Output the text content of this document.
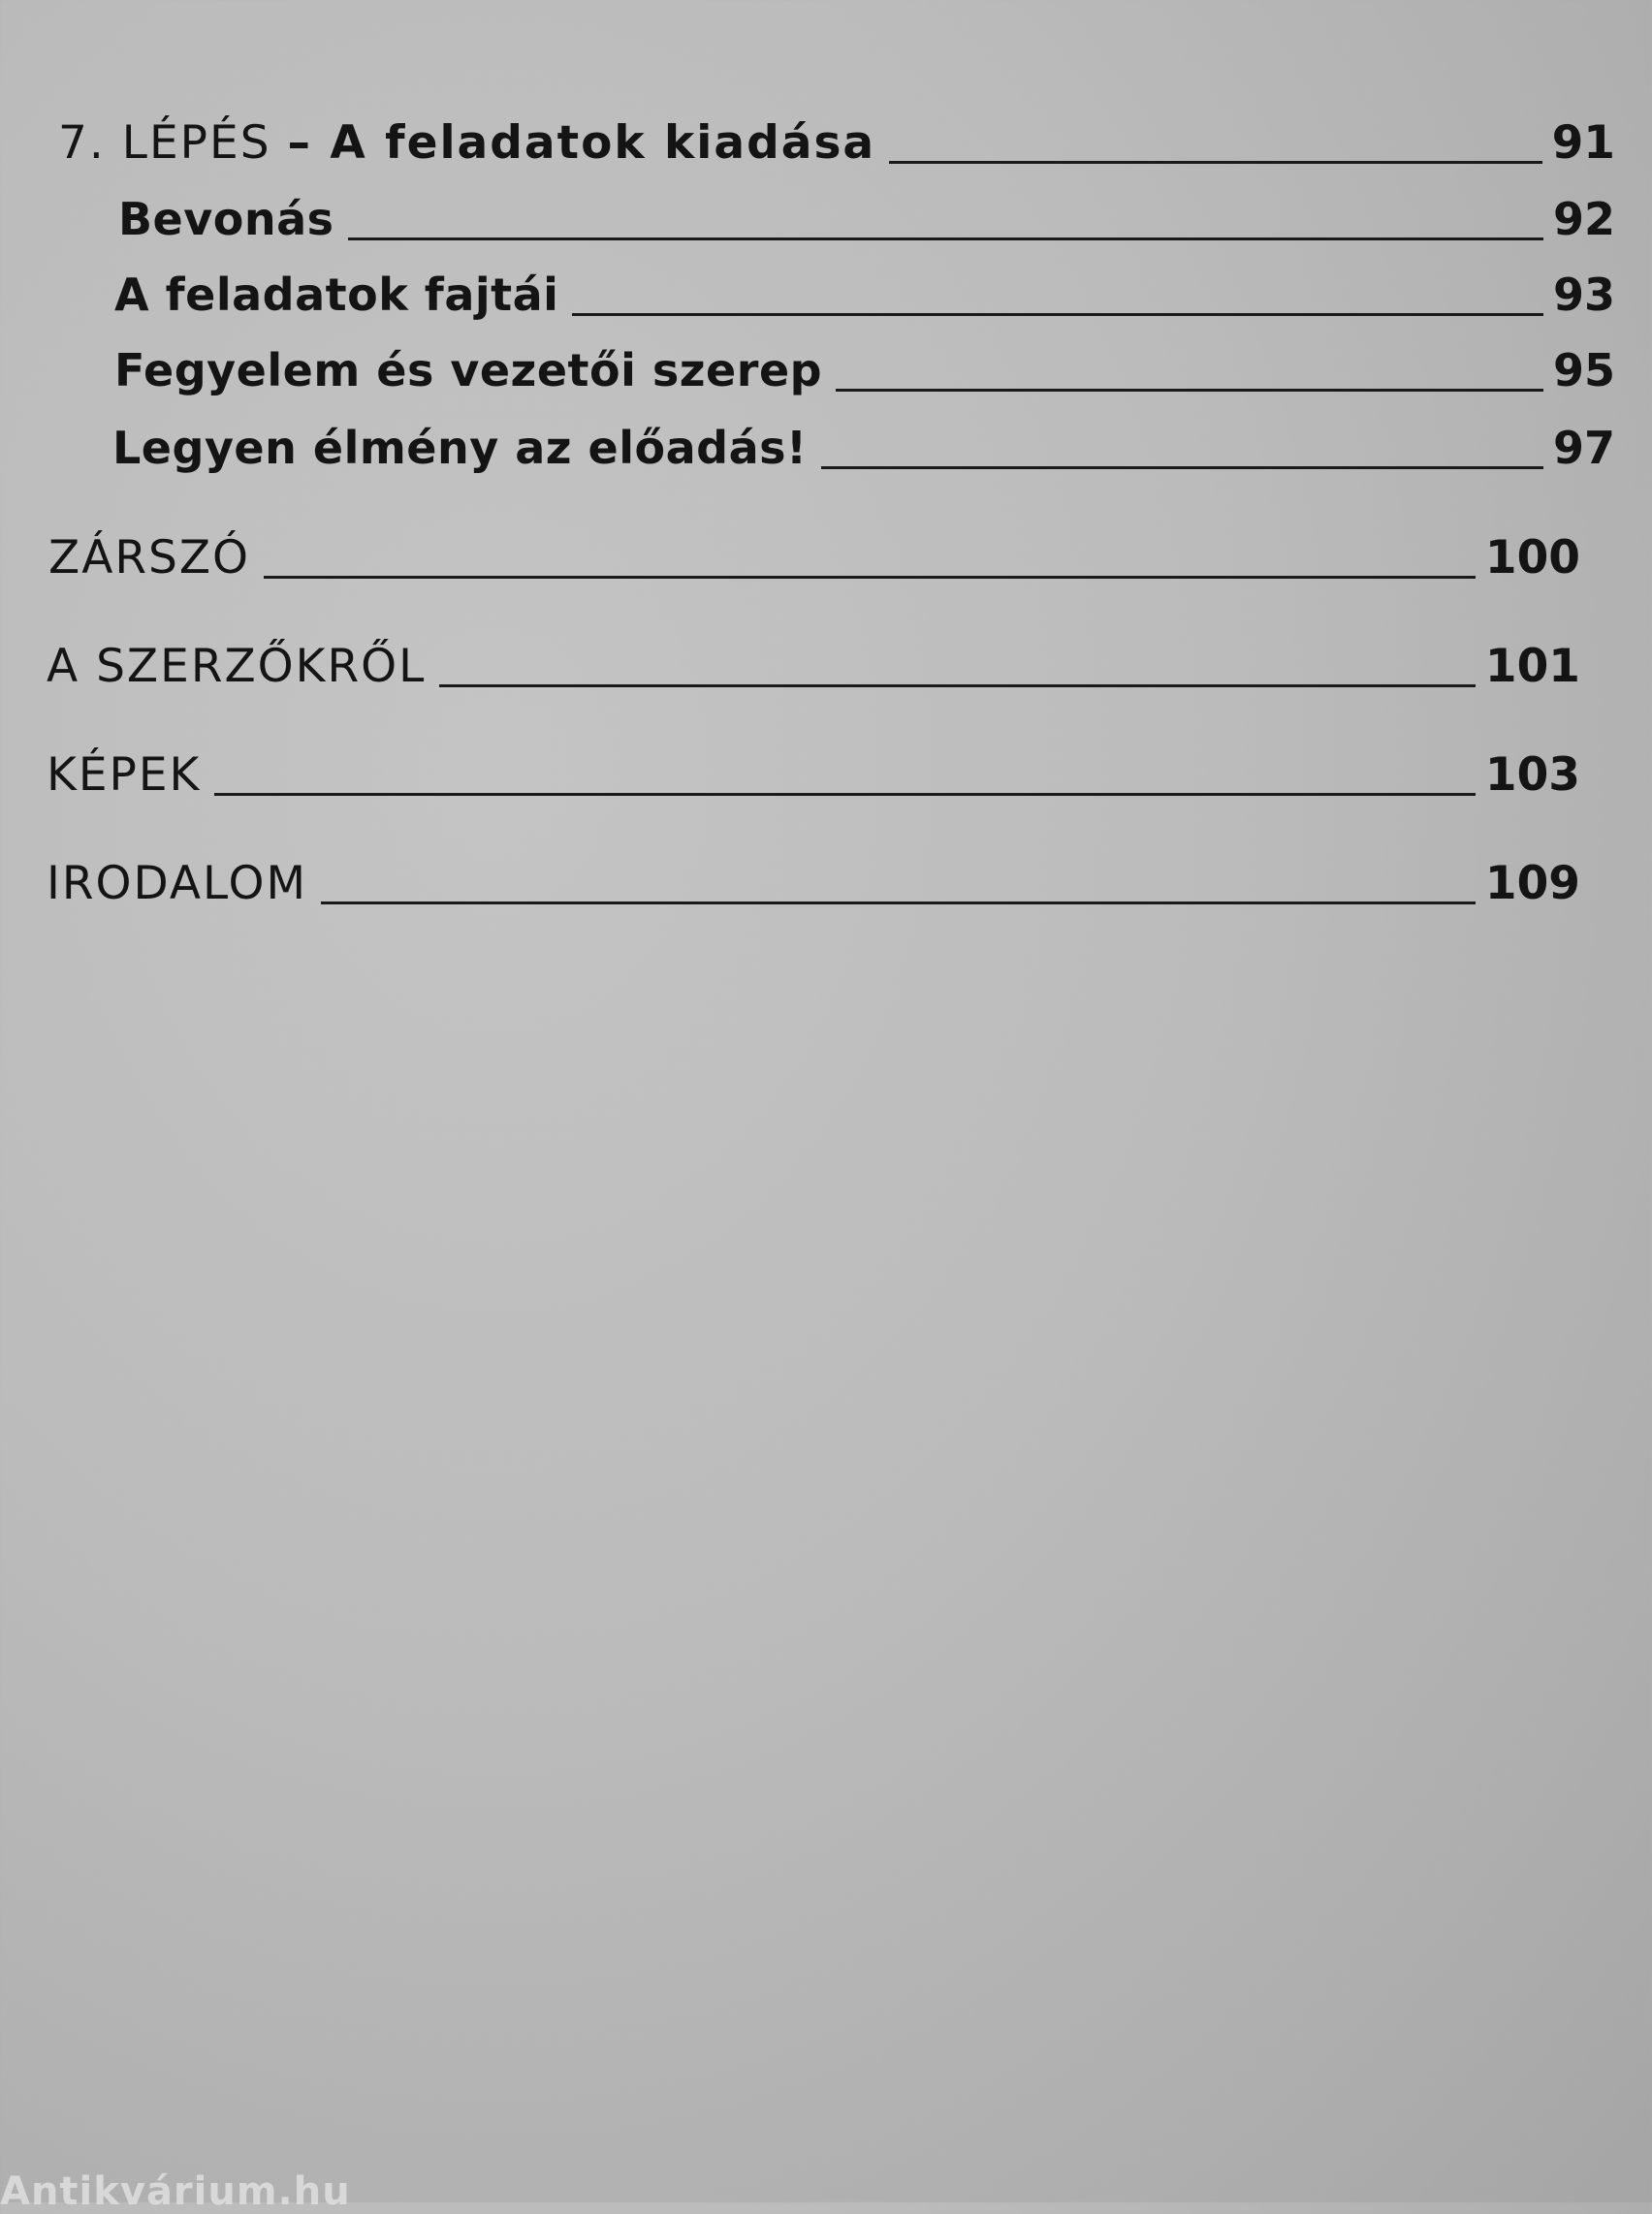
7. LÉPÉS – A feladatok kiadása	91
Bevonás	92
A feladatok fajtái	93
Fegyelem és vezetői szerep	95
Legyen élmény az előadás!	97
ZÁRSZÓ	100
A SZERZŐKRŐL	101
KÉPEK	103
IRODALOM	109
Antikvárium.hu
